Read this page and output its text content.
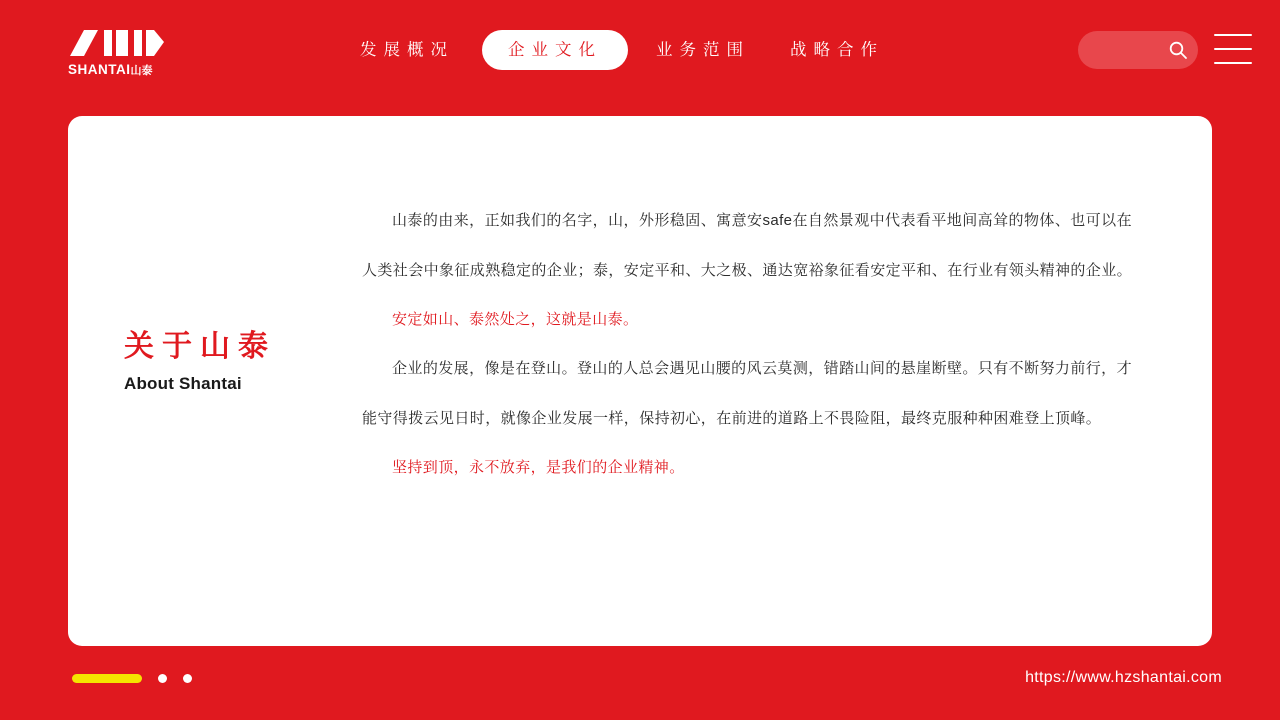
SHANTAI山泰
发展概况	企业文化	业务范围	战略合作
关于山泰
About Shantai

山泰的由来，正如我们的名字，山，外形稳固、寓意安safe在自然景观中代表看平地间高耸的物体、也可以在人类社会中象征成熟稳定的企业；泰，安定平和、大之极、通达宽裕象征看安定平和、在行业有领头精神的企业。

安定如山、泰然处之，这就是山泰。

企业的发展，像是在登山。登山的人总会遇见山腰的风云莫测，错踏山间的悬崖断壁。只有不断努力前行，才能守得拨云见日时，就像企业发展一样，保持初心，在前进的道路上不畏险阻，最终克服种种困难登上顶峰。

坚持到顶，永不放弃，是我们的企业精神。

https://www.hzshantai.com
